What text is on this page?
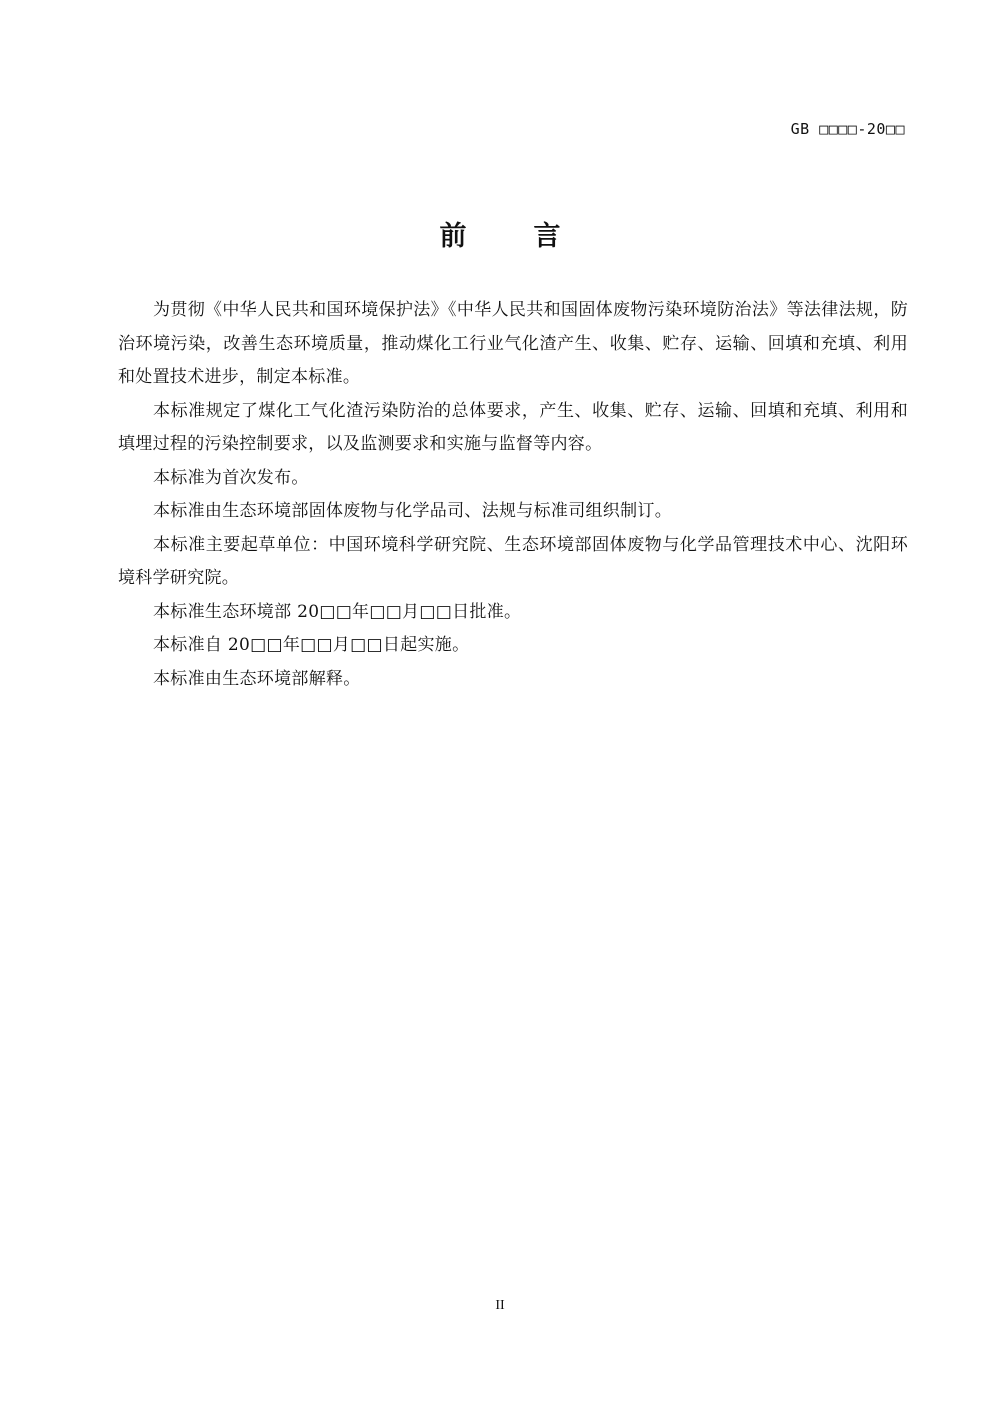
GB □□□□-20□□
前　言

为贯彻《中华人民共和国环境保护法》《中华人民共和国固体废物污染环境防治法》等法律法规，防治环境污染，改善生态环境质量，推动煤化工行业气化渣产生、收集、贮存、运输、回填和充填、利用和处置技术进步，制定本标准。

本标准规定了煤化工气化渣污染防治的总体要求，产生、收集、贮存、运输、回填和充填、利用和填埋过程的污染控制要求，以及监测要求和实施与监督等内容。

本标准为首次发布。

本标准由生态环境部固体废物与化学品司、法规与标准司组织制订。

本标准主要起草单位：中国环境科学研究院、生态环境部固体废物与化学品管理技术中心、沈阳环境科学研究院。

本标准生态环境部 20□□年□□月□□日批准。

本标准自 20□□年□□月□□日起实施。

本标准由生态环境部解释。

II
